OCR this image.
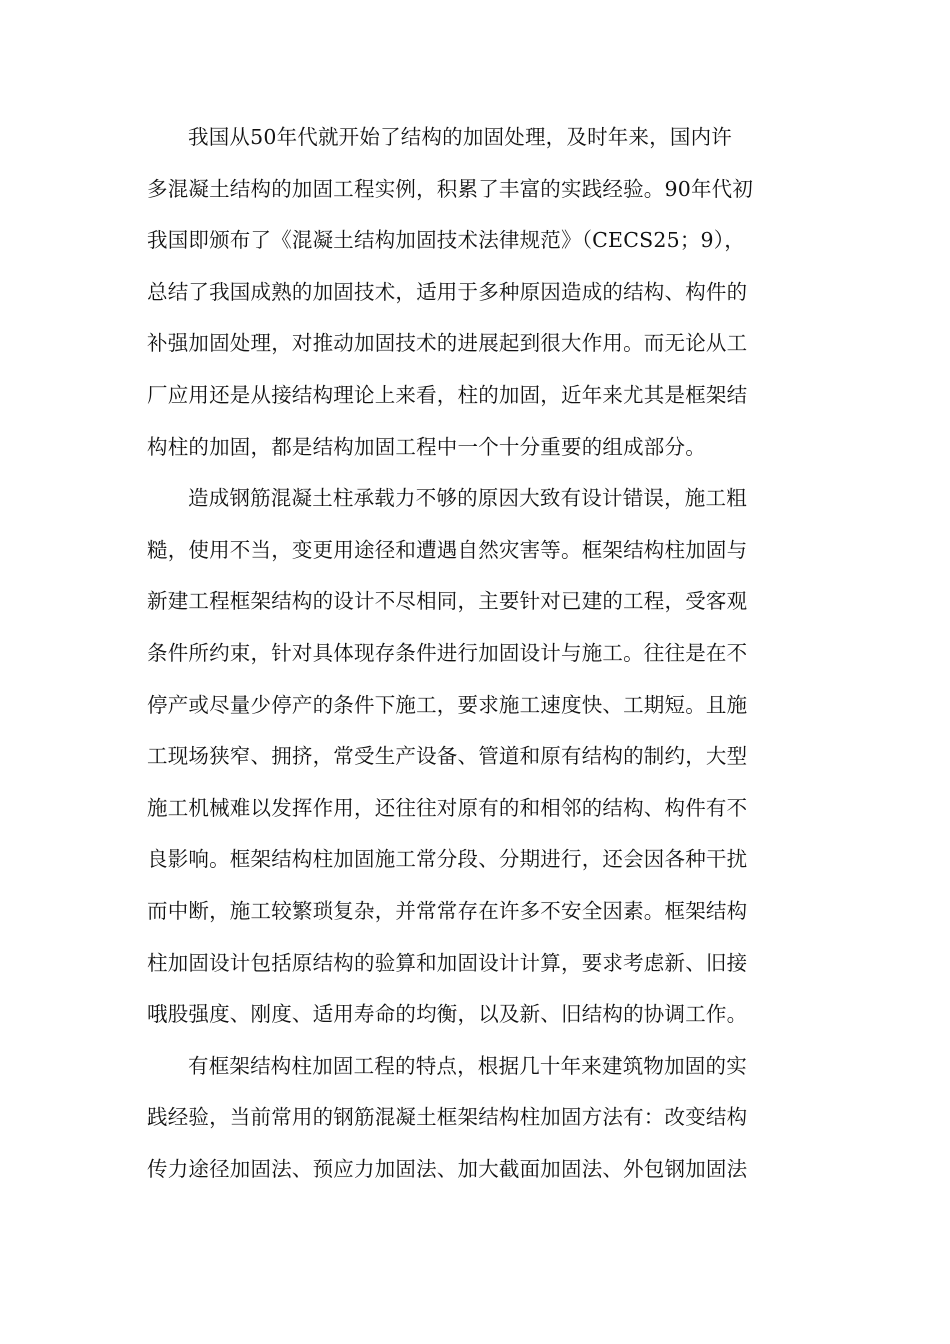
我国从50年代就开始了结构的加固处理，及时年来，国内许
多混凝土结构的加固工程实例，积累了丰富的实践经验。90年代初
我国即颁布了《混凝土结构加固技术法律规范》（CECS25；9），
总结了我国成熟的加固技术，适用于多种原因造成的结构、构件的
补强加固处理，对推动加固技术的进展起到很大作用。而无论从工
厂应用还是从接结构理论上来看，柱的加固，近年来尤其是框架结
构柱的加固，都是结构加固工程中一个十分重要的组成部分。
造成钢筋混凝土柱承载力不够的原因大致有设计错误，施工粗
糙，使用不当，变更用途径和遭遇自然灾害等。框架结构柱加固与
新建工程框架结构的设计不尽相同，主要针对已建的工程，受客观
条件所约束，针对具体现存条件进行加固设计与施工。往往是在不
停产或尽量少停产的条件下施工，要求施工速度快、工期短。且施
工现场狭窄、拥挤，常受生产设备、管道和原有结构的制约，大型
施工机械难以发挥作用，还往往对原有的和相邻的结构、构件有不
良影响。框架结构柱加固施工常分段、分期进行，还会因各种干扰
而中断，施工较繁琐复杂，并常常存在许多不安全因素。框架结构
柱加固设计包括原结构的验算和加固设计计算，要求考虑新、旧接
哦股强度、刚度、适用寿命的均衡，以及新、旧结构的协调工作。
有框架结构柱加固工程的特点，根据几十年来建筑物加固的实
践经验，当前常用的钢筋混凝土框架结构柱加固方法有：改变结构
传力途径加固法、预应力加固法、加大截面加固法、外包钢加固法
